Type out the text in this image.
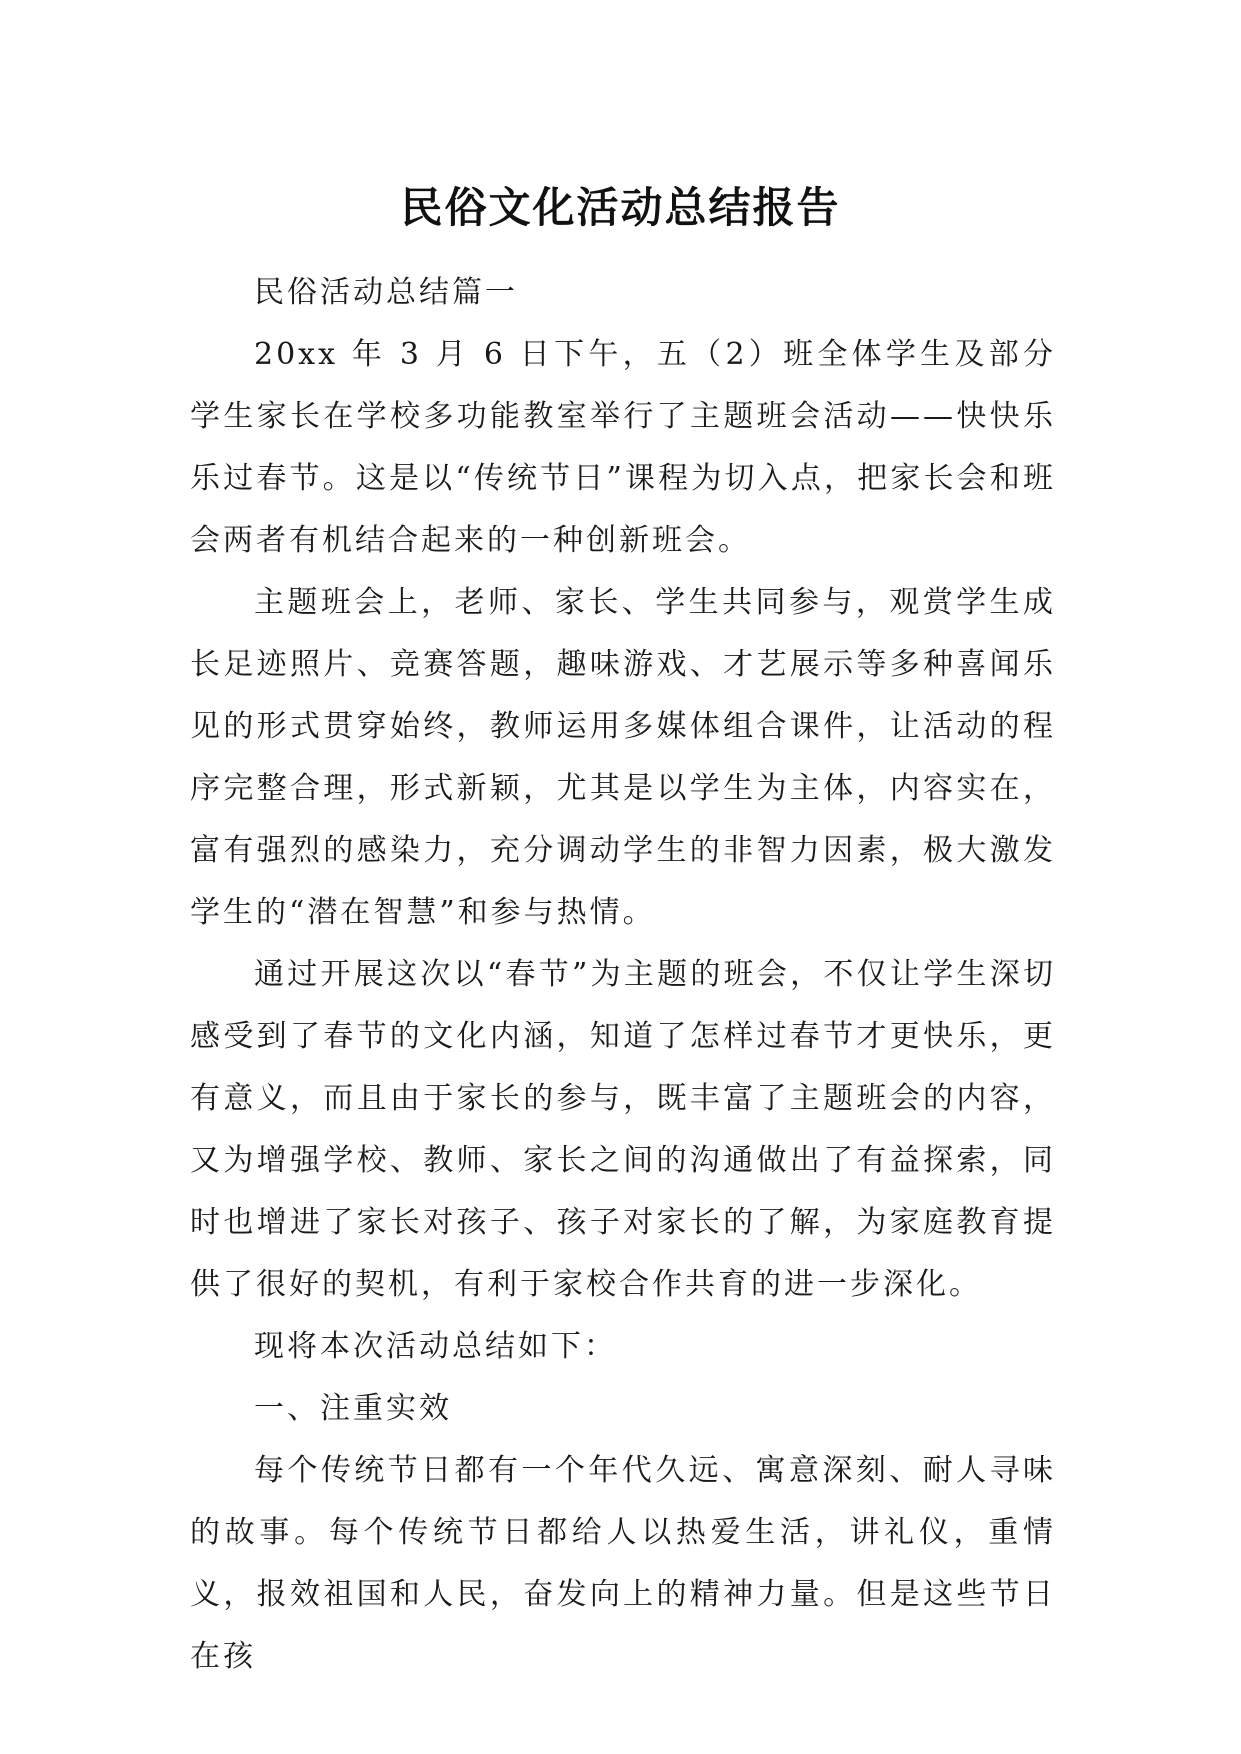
民俗文化活动总结报告

民俗活动总结篇一

20xx 年 3 月 6 日下午，五（2）班全体学生及部分学生家长在学校多功能教室举行了主题班会活动——快快乐乐过春节。这是以“传统节日”课程为切入点，把家长会和班会两者有机结合起来的一种创新班会。

主题班会上，老师、家长、学生共同参与，观赏学生成长足迹照片、竞赛答题，趣味游戏、才艺展示等多种喜闻乐见的形式贯穿始终，教师运用多媒体组合课件，让活动的程序完整合理，形式新颖，尤其是以学生为主体，内容实在，富有强烈的感染力，充分调动学生的非智力因素，极大激发学生的“潜在智慧”和参与热情。

通过开展这次以“春节”为主题的班会，不仅让学生深切感受到了春节的文化内涵，知道了怎样过春节才更快乐，更有意义，而且由于家长的参与，既丰富了主题班会的内容，又为增强学校、教师、家长之间的沟通做出了有益探索，同时也增进了家长对孩子、孩子对家长的了解，为家庭教育提供了很好的契机，有利于家校合作共育的进一步深化。

现将本次活动总结如下：

一、注重实效

每个传统节日都有一个年代久远、寓意深刻、耐人寻味的故事。每个传统节日都给人以热爱生活，讲礼仪，重情义，报效祖国和人民，奋发向上的精神力量。但是这些节日在孩
